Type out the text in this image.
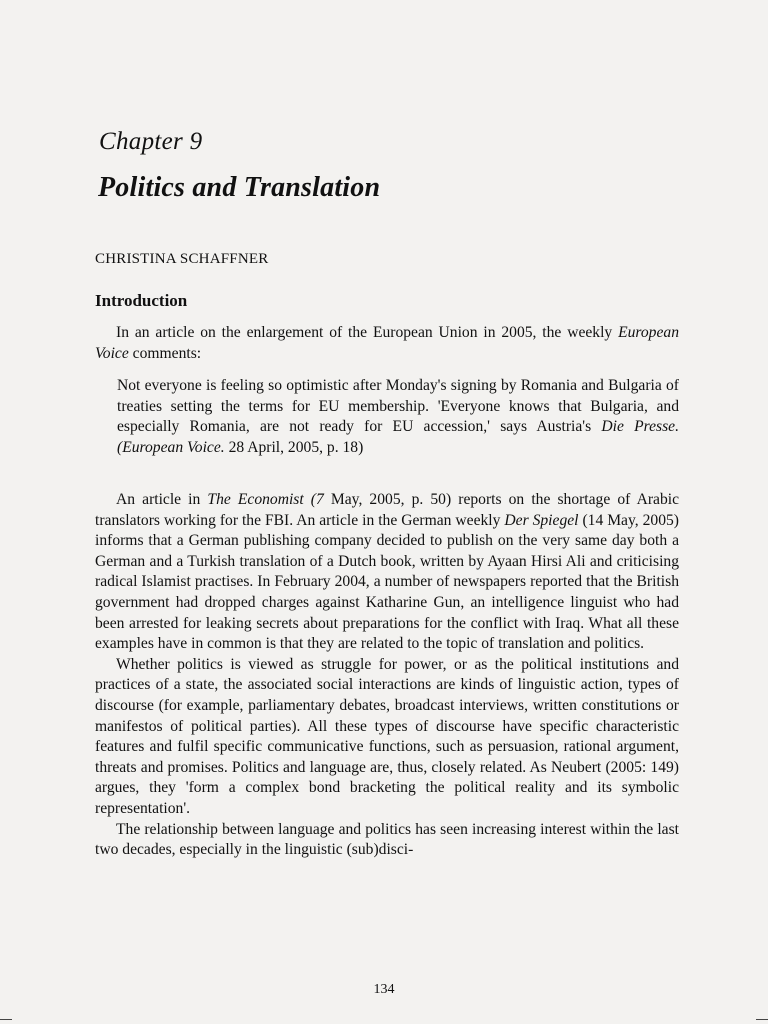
Chapter 9
Politics and Translation
CHRISTINA SCHAFFNER
Introduction

In an article on the enlargement of the European Union in 2005, the weekly European Voice comments:

Not everyone is feeling so optimistic after Monday's signing by Romania and Bulgaria of treaties setting the terms for EU membership. 'Everyone knows that Bulgaria, and especially Romania, are not ready for EU accession,' says Austria's Die Presse. (European Voice. 28 April, 2005, p. 18)

An article in The Economist (7 May, 2005, p. 50) reports on the shortage of Arabic translators working for the FBI. An article in the German weekly Der Spiegel (14 May, 2005) informs that a German publishing company decided to publish on the very same day both a German and a Turkish translation of a Dutch book, written by Ayaan Hirsi Ali and criticising radical Islamist practises. In February 2004, a number of newspapers reported that the British government had dropped charges against Katharine Gun, an intelligence linguist who had been arrested for leaking secrets about preparations for the conflict with Iraq. What all these examples have in common is that they are related to the topic of translation and politics.

Whether politics is viewed as struggle for power, or as the political institutions and practices of a state, the associated social interactions are kinds of linguistic action, types of discourse (for example, parliamentary debates, broadcast interviews, written constitutions or manifestos of political parties). All these types of discourse have specific characteristic features and fulfil specific communicative functions, such as persuasion, rational argument, threats and promises. Politics and language are, thus, closely related. As Neubert (2005: 149) argues, they 'form a complex bond bracketing the political reality and its symbolic representation'.

The relationship between language and politics has seen increasing interest within the last two decades, especially in the linguistic (sub)disci-

134
